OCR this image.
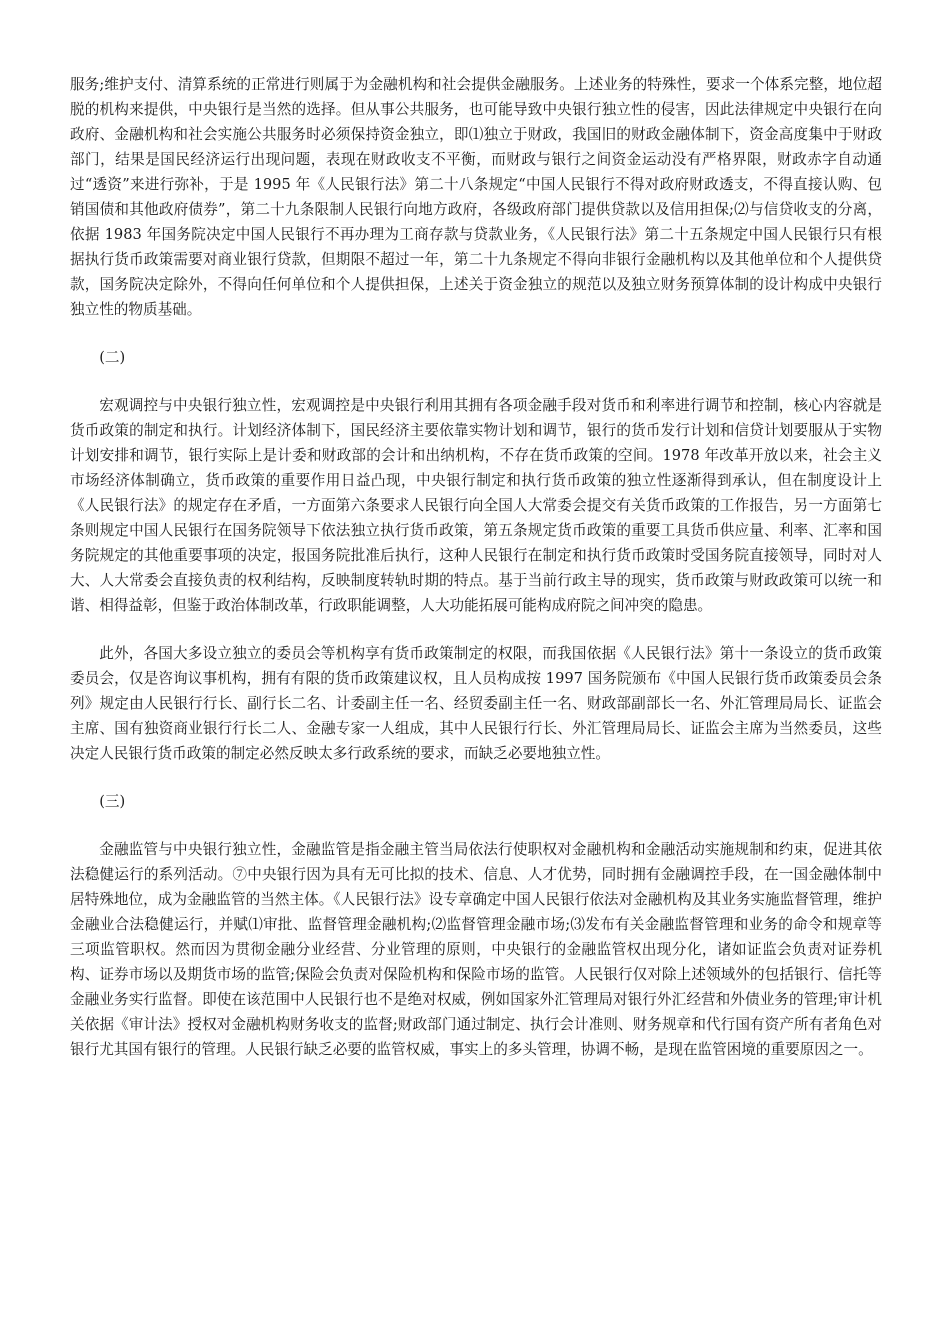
服务;维护支付、清算系统的正常进行则属于为金融机构和社会提供金融服务。上述业务的特殊性，要求一个体系完整，地位超脱的机构来提供，中央银行是当然的选择。但从事公共服务，也可能导致中央银行独立性的侵害，因此法律规定中央银行在向政府、金融机构和社会实施公共服务时必须保持资金独立，即⑴独立于财政，我国旧的财政金融体制下，资金高度集中于财政部门，结果是国民经济运行出现问题，表现在财政收支不平衡，而财政与银行之间资金运动没有严格界限，财政赤字自动通过“透资”来进行弥补，于是 1995 年《人民银行法》第二十八条规定“中国人民银行不得对政府财政透支，不得直接认购、包销国债和其他政府债券”，第二十九条限制人民银行向地方政府，各级政府部门提供贷款以及信用担保;⑵与信贷收支的分离，依据 1983 年国务院决定中国人民银行不再办理为工商存款与贷款业务，《人民银行法》第二十五条规定中国人民银行只有根据执行货币政策需要对商业银行贷款，但期限不超过一年，第二十九条规定不得向非银行金融机构以及其他单位和个人提供贷款，国务院决定除外，不得向任何单位和个人提供担保，上述关于资金独立的规范以及独立财务预算体制的设计构成中央银行独立性的物质基础。

(二)

宏观调控与中央银行独立性，宏观调控是中央银行利用其拥有各项金融手段对货币和利率进行调节和控制，核心内容就是货币政策的制定和执行。计划经济体制下，国民经济主要依靠实物计划和调节，银行的货币发行计划和信贷计划要服从于实物计划安排和调节，银行实际上是计委和财政部的会计和出纳机构，不存在货币政策的空间。1978 年改革开放以来，社会主义市场经济体制确立，货币政策的重要作用日益凸现，中央银行制定和执行货币政策的独立性逐渐得到承认，但在制度设计上《人民银行法》的规定存在矛盾，一方面第六条要求人民银行向全国人大常委会提交有关货币政策的工作报告，另一方面第七条则规定中国人民银行在国务院领导下依法独立执行货币政策，第五条规定货币政策的重要工具货币供应量、利率、汇率和国务院规定的其他重要事项的决定，报国务院批准后执行，这种人民银行在制定和执行货币政策时受国务院直接领导，同时对人大、人大常委会直接负责的权利结构，反映制度转轨时期的特点。基于当前行政主导的现实，货币政策与财政政策可以统一和谐、相得益彰，但鉴于政治体制改革，行政职能调整，人大功能拓展可能构成府院之间冲突的隐患。

此外，各国大多设立独立的委员会等机构享有货币政策制定的权限，而我国依据《人民银行法》第十一条设立的货币政策委员会，仅是咨询议事机构，拥有有限的货币政策建议权，且人员构成按 1997 国务院颁布《中国人民银行货币政策委员会条列》规定由人民银行行长、副行长二名、计委副主任一名、经贸委副主任一名、财政部副部长一名、外汇管理局局长、证监会主席、国有独资商业银行行长二人、金融专家一人组成，其中人民银行行长、外汇管理局局长、证监会主席为当然委员，这些决定人民银行货币政策的制定必然反映太多行政系统的要求，而缺乏必要地独立性。

(三)

金融监管与中央银行独立性，金融监管是指金融主管当局依法行使职权对金融机构和金融活动实施规制和约束，促进其依法稳健运行的系列活动。⑦中央银行因为具有无可比拟的技术、信息、人才优势，同时拥有金融调控手段，在一国金融体制中居特殊地位，成为金融监管的当然主体。《人民银行法》设专章确定中国人民银行依法对金融机构及其业务实施监督管理，维护金融业合法稳健运行，并赋⑴审批、监督管理金融机构;⑵监督管理金融市场;⑶发布有关金融监督管理和业务的命令和规章等三项监管职权。然而因为贯彻金融分业经营、分业管理的原则，中央银行的金融监管权出现分化，诸如证监会负责对证券机构、证券市场以及期货市场的监管;保险会负责对保险机构和保险市场的监管。人民银行仅对除上述领域外的包括银行、信托等金融业务实行监督。即使在该范围中人民银行也不是绝对权威，例如国家外汇管理局对银行外汇经营和外债业务的管理;审计机关依据《审计法》授权对金融机构财务收支的监督;财政部门通过制定、执行会计准则、财务规章和代行国有资产所有者角色对银行尤其国有银行的管理。人民银行缺乏必要的监管权威，事实上的多头管理，协调不畅，是现在监管困境的重要原因之一。
